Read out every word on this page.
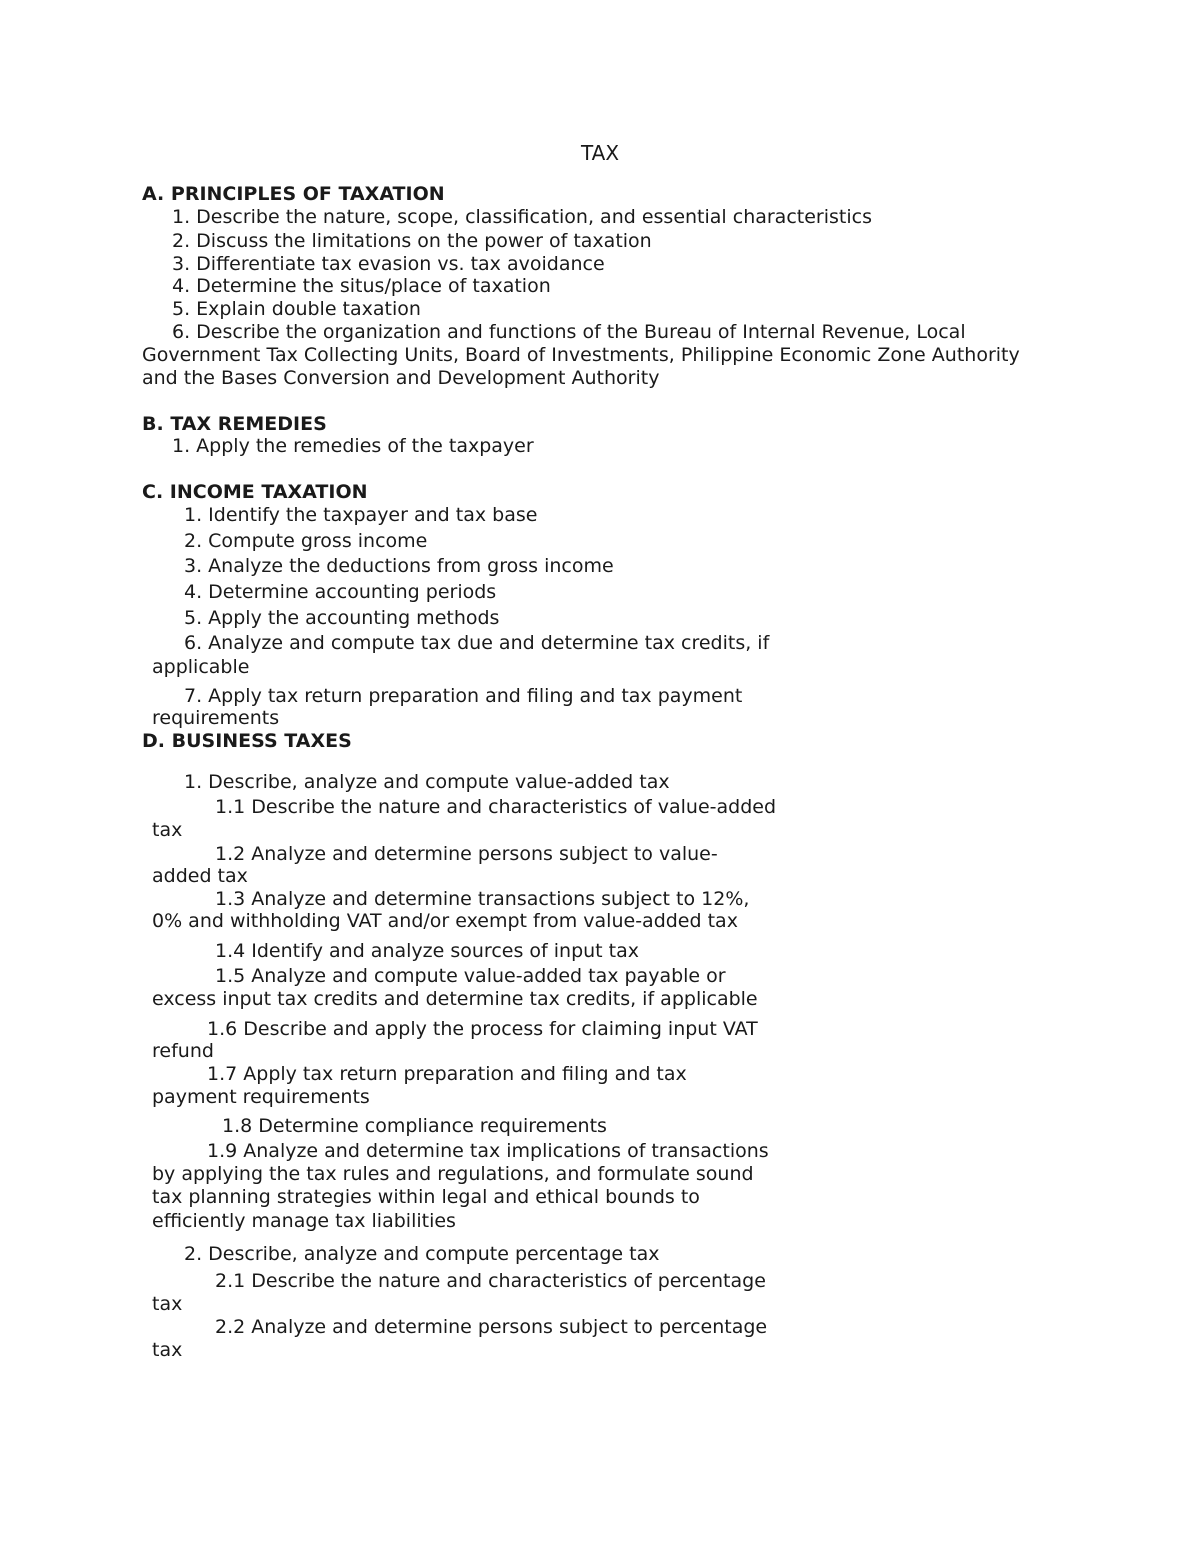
TAX
A. PRINCIPLES OF TAXATION
1. Describe the nature, scope, classification, and essential characteristics
2. Discuss the limitations on the power of taxation
3. Differentiate tax evasion vs. tax avoidance
4. Determine the situs/place of taxation
5. Explain double taxation
6. Describe the organization and functions of the Bureau of Internal Revenue, Local
Government Tax Collecting Units, Board of Investments, Philippine Economic Zone Authority
and the Bases Conversion and Development Authority
B. TAX REMEDIES
1. Apply the remedies of the taxpayer
C. INCOME TAXATION
1. Identify the taxpayer and tax base
2. Compute gross income
3. Analyze the deductions from gross income
4. Determine accounting periods
5. Apply the accounting methods
6. Analyze and compute tax due and determine tax credits, if
applicable
7. Apply tax return preparation and filing and tax payment
requirements
D. BUSINESS TAXES
1. Describe, analyze and compute value-added tax
1.1 Describe the nature and characteristics of value-added
tax
1.2 Analyze and determine persons subject to value-
added tax
1.3 Analyze and determine transactions subject to 12%,
0% and withholding VAT and/or exempt from value-added tax
1.4 Identify and analyze sources of input tax
1.5 Analyze and compute value-added tax payable or
excess input tax credits and determine tax credits, if applicable
1.6 Describe and apply the process for claiming input VAT
refund
1.7 Apply tax return preparation and filing and tax
payment requirements
1.8 Determine compliance requirements
1.9 Analyze and determine tax implications of transactions
by applying the tax rules and regulations, and formulate sound
tax planning strategies within legal and ethical bounds to
efficiently manage tax liabilities
2. Describe, analyze and compute percentage tax
2.1 Describe the nature and characteristics of percentage
tax
2.2 Analyze and determine persons subject to percentage
tax
